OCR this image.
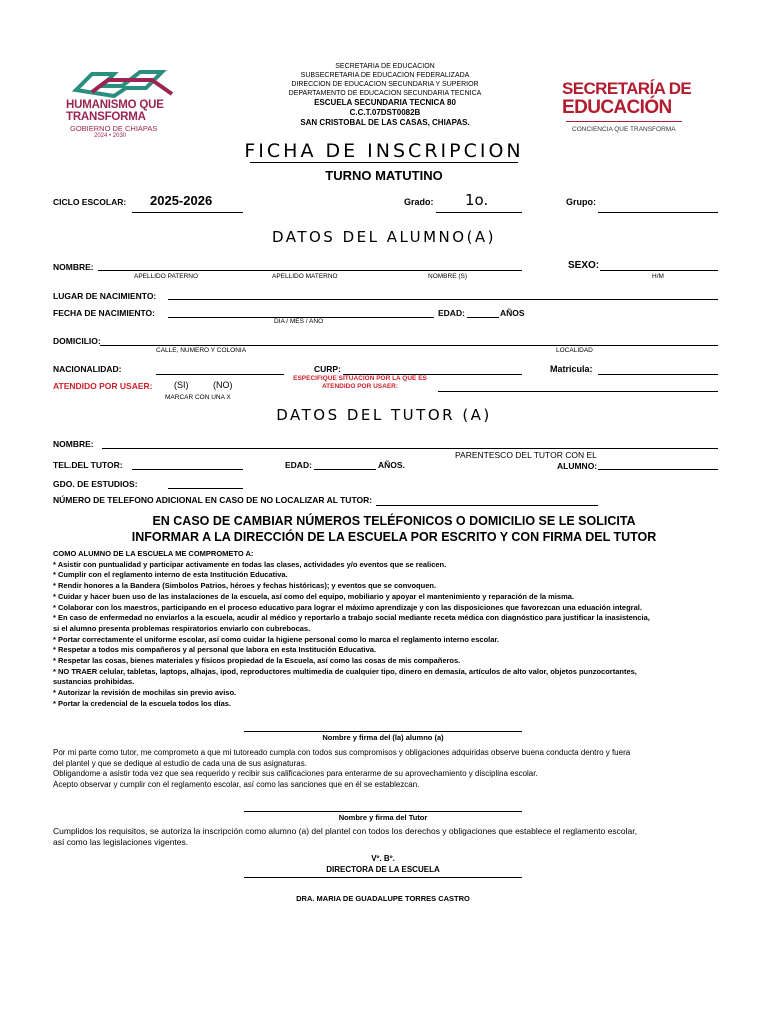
HUMANISMO QUE
TRANSFORMA
GOBIERNO DE CHIAPAS
2024 • 2030
SECRETARIA DE EDUCACION
SUBSECRETARIA DE EDUCACION FEDERALIZADA
DIRECCION DE EDUCACION SECUNDARIA Y SUPERIOR
DEPARTAMENTO DE EDUCACION SECUNDARIA TECNICA
ESCUELA SECUNDARIA TECNICA 80
C.C.T.07DST0082B
SAN CRISTOBAL DE LAS CASAS, CHIAPAS.
SECRETARÍA DE
EDUCACIÓN
CONCIENCIA QUE TRANSFORMA
FICHA DE INSCRIPCION
TURNO MATUTINO
CICLO ESCOLAR: 2025-2026	Grado: 1o.	Grupo:
DATOS DEL ALUMNO(A)
NOMBRE:	SEXO:
APELLIDO PATERNO	APELLIDO MATERNO	NOMBRE (S)	H/M
LUGAR DE NACIMIENTO:
FECHA DE NACIMIENTO:	EDAD:	AÑOS
DIA / MES / AÑO
DOMICILIO:
CALLE, NUMERO Y COLONIA	LOCALIDAD
NACIONALIDAD:	CURP:	Matricula:
ATENDIDO POR USAER: (SI)	(NO)
ESPECIFIQUE SITUACION POR LA QUE ES
ATENDIDO POR USAER:
MARCAR CON UNA X
DATOS DEL TUTOR (A)
NOMBRE:
PARENTESCO DEL TUTOR CON EL
TEL.DEL TUTOR:	EDAD:	AÑOS.	ALUMNO:
GDO. DE ESTUDIOS:
NÚMERO DE TELEFONO ADICIONAL EN CASO DE NO LOCALIZAR AL TUTOR:
EN CASO DE CAMBIAR NÚMEROS TELÉFONICOS O DOMICILIO SE LE SOLICITA
INFORMAR A LA DIRECCIÓN DE LA ESCUELA POR ESCRITO Y CON FIRMA DEL TUTOR
COMO ALUMNO DE LA ESCUELA ME COMPROMETO A:
* Asistir con puntualidad y participar activamente en todas las clases, actividades y/o eventos que se realicen.
* Cumplir con el reglamento interno de esta Institución Educativa.
* Rendir honores a la Bandera (Simbolos Patrios, héroes y fechas históricas); y eventos que se convoquen.
* Cuidar y hacer buen uso de las instalaciones de la escuela, así como del equipo, mobiliario y apoyar el mantenimiento y reparación de la misma.
* Colaborar con los maestros, participando en el proceso educativo para lograr el máximo aprendizaje y con las disposiciones que favorezcan una eduación integral.
* En caso de enfermedad no enviarlos a la escuela, acudir al médico y reportarlo a trabajo social mediante receta médica con diagnóstico para justificar la inasistencia,
si el alumno presenta problemas respiratorios enviarlo con cubrebocas.
* Portar correctamente el uniforme escolar, así como cuidar la higiene personal como lo marca el reglamento interno escolar.
* Respetar a todos mis compañeros y al personal que labora en esta Institución Educativa.
* Respetar las cosas, bienes materiales y físicos propiedad de la Escuela, así como las cosas de mis compañeros.
* NO TRAER celular, tabletas, laptops, alhajas, ipod, reproductores multimedia de cualquier tipo, dinero en demasía, artículos de alto valor, objetos punzocortantes,
sustancias prohibidas.
* Autorizar la revisión de mochilas sin previo aviso.
* Portar la credencial de la escuela todos los días.
Nombre y firma del (la) alumno (a)
Por mi parte como tutor, me comprometo a que mi tutoreado cumpla con todos sus compromisos y obligaciones adquiridas observe buena conducta dentro y fuera
del plantel y que se dedique al estudio de cada una de sus asignaturas.
Obligandome a asistir toda vez que sea requerido y recibir sus calificaciones para enterarme de su aprovechamiento y disciplina escolar.
Acepto observar y cumplir con el reglamento escolar, así como las sanciones que en él se establezcan.
Nombre y firma del Tutor
Cumplidos los requisitos, se autoriza la inscripción como alumno (a) del plantel con todos los derechos y obligaciones que establece el reglamento escolar,
así como las legislaciones vigentes.
Vº. Bº.
DIRECTORA DE LA ESCUELA
DRA. MARIA DE GUADALUPE TORRES CASTRO
